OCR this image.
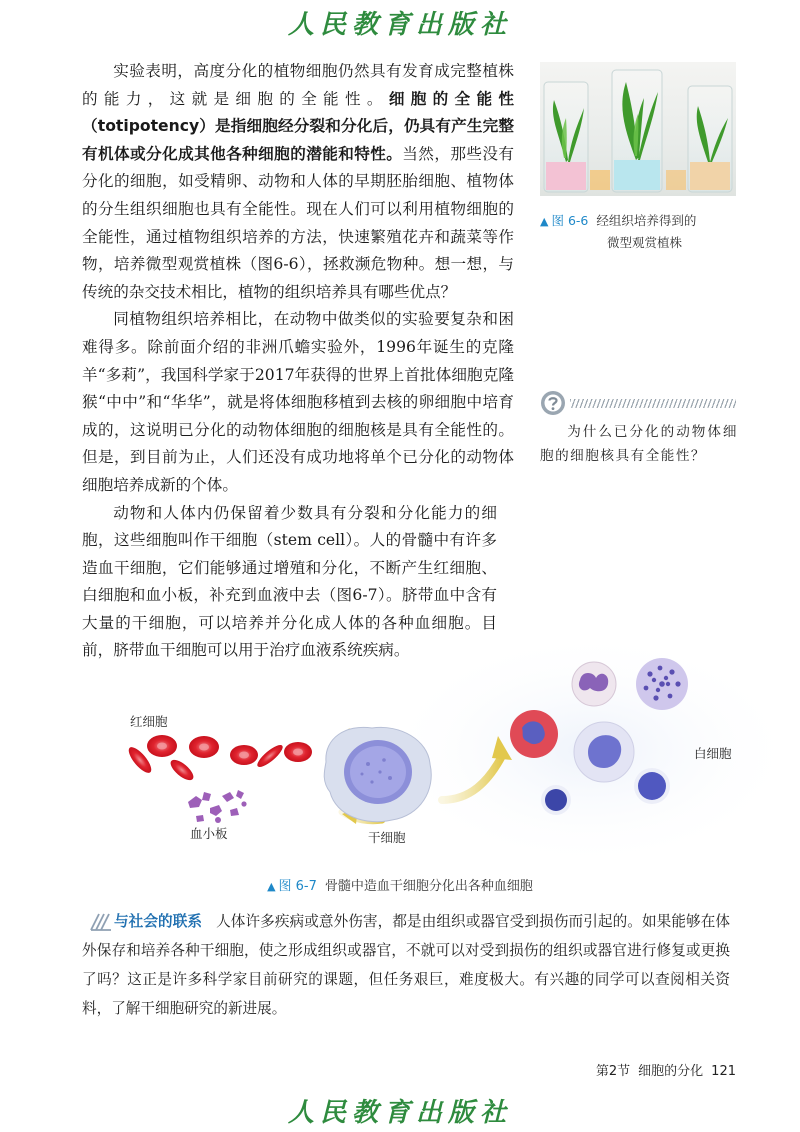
人民教育出版社

实验表明，高度分化的植物细胞仍然具有发育成完整植株的能力，这就是细胞的全能性。细胞的全能性（totipotency）是指细胞经分裂和分化后，仍具有产生完整有机体或分化成其他各种细胞的潜能和特性。当然，那些没有分化的细胞，如受精卵、动物和人体的早期胚胎细胞、植物体的分生组织细胞也具有全能性。现在人们可以利用植物细胞的全能性，通过植物组织培养的方法，快速繁殖花卉和蔬菜等作物，培养微型观赏植株（图6-6），拯救濒危物种。想一想，与传统的杂交技术相比，植物的组织培养具有哪些优点？

同植物组织培养相比，在动物中做类似的实验要复杂和困难得多。除前面介绍的非洲爪蟾实验外，1996年诞生的克隆羊“多莉”，我国科学家于2017年获得的世界上首批体细胞克隆猴“中中”和“华华”，就是将体细胞移植到去核的卵细胞中培育成的，这说明已分化的动物体细胞的细胞核是具有全能性的。但是，到目前为止，人们还没有成功地将单个已分化的动物体细胞培养成新的个体。

动物和人体内仍保留着少数具有分裂和分化能力的细胞，这些细胞叫作干细胞（stem cell）。人的骨髓中有许多造血干细胞，它们能够通过增殖和分化，不断产生红细胞、白细胞和血小板，补充到血液中去（图6-7）。脐带血中含有大量的干细胞，可以培养并分化成人体的各种血细胞。目前，脐带血干细胞可以用于治疗血液系统疾病。

▲ 图 6-6 经组织培养得到的
微型观赏植株
为什么已分化的动物体细胞的细胞核具有全能性？
红细胞
血小板	干细胞
白细胞
▲ 图 6-7 骨髓中造血干细胞分化出各种血细胞
与社会的联系 人体许多疾病或意外伤害，都是由组织或器官受到损伤而引起的。如果能够在体外保存和培养各种干细胞，使之形成组织或器官，不就可以对受到损伤的组织或器官进行修复或更换了吗？这正是许多科学家目前研究的课题，但任务艰巨，难度极大。有兴趣的同学可以查阅相关资料，了解干细胞研究的新进展。
第2节 细胞的分化 121
人民教育出版社
